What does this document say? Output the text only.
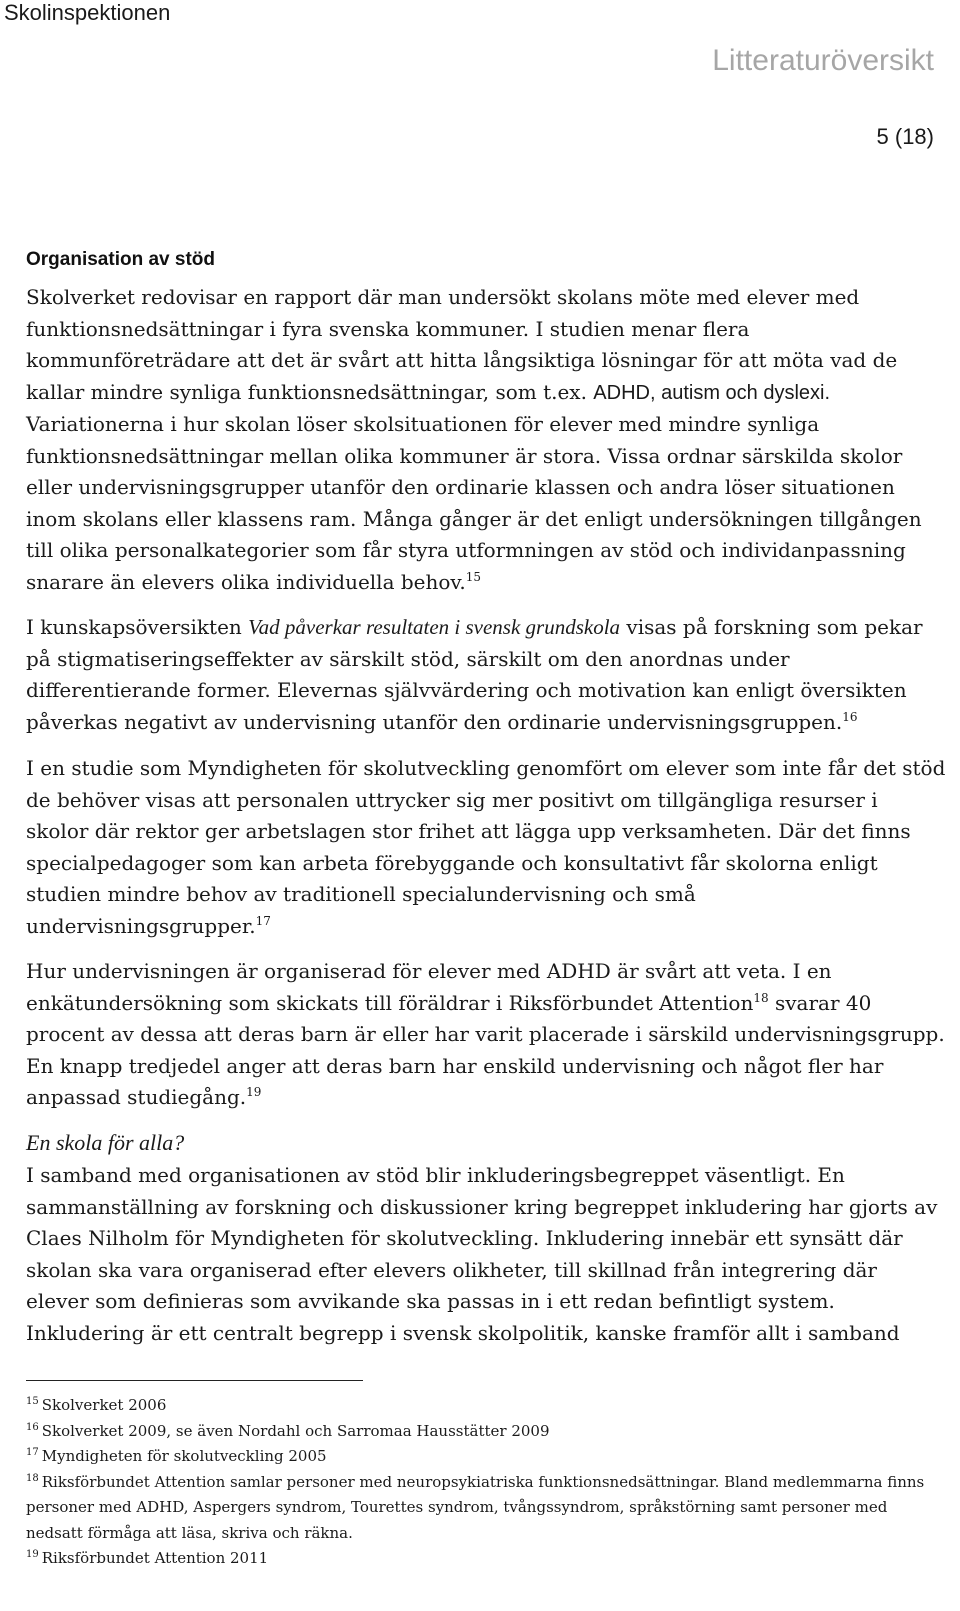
Skolinspektionen
Litteraturöversikt
5 (18)
Organisation av stöd

Skolverket redovisar en rapport där man undersökt skolans möte med elever med funktionsnedsättningar i fyra svenska kommuner. I studien menar flera kommunföreträdare att det är svårt att hitta långsiktiga lösningar för att möta vad de kallar mindre synliga funktionsnedsättningar, som t.ex. ADHD, autism och dyslexi. Variationerna i hur skolan löser skolsituationen för elever med mindre synliga funktionsnedsättningar mellan olika kommuner är stora. Vissa ordnar särskilda skolor eller undervisningsgrupper utanför den ordinarie klassen och andra löser situationen inom skolans eller klassens ram. Många gånger är det enligt undersökningen tillgången till olika personalkategorier som får styra utformningen av stöd och individanpassning snarare än elevers olika individuella behov.$^{15}$

I kunskapsöversikten Vad påverkar resultaten i svensk grundskola visas på forskning som pekar på stigmatiseringseffekter av särskilt stöd, särskilt om den anordnas under differentierande former. Elevernas självvärdering och motivation kan enligt översikten påverkas negativt av undervisning utanför den ordinarie undervisningsgruppen.$^{16}$

I en studie som Myndigheten för skolutveckling genomfört om elever som inte får det stöd de behöver visas att personalen uttrycker sig mer positivt om tillgängliga resurser i skolor där rektor ger arbetslagen stor frihet att lägga upp verksamheten. Där det finns specialpedagoger som kan arbeta förebyggande och konsultativt får skolorna enligt studien mindre behov av traditionell specialundervisning och små undervisningsgrupper.$^{17}$

Hur undervisningen är organiserad för elever med ADHD är svårt att veta. I en enkätundersökning som skickats till föräldrar i Riksförbundet Attention$^{18}$ svarar 40 procent av dessa att deras barn är eller har varit placerade i särskild undervisningsgrupp. En knapp tredjedel anger att deras barn har enskild undervisning och något fler har anpassad studiegång.$^{19}$

En skola för alla?

I samband med organisationen av stöd blir inkluderingsbegreppet väsentligt. En sammanställning av forskning och diskussioner kring begreppet inkludering har gjorts av Claes Nilholm för Myndigheten för skolutveckling. Inkludering innebär ett synsätt där skolan ska vara organiserad efter elevers olikheter, till skillnad från integrering där elever som definieras som avvikande ska passas in i ett redan befintligt system. Inkludering är ett centralt begrepp i svensk skolpolitik, kanske framför allt i samband

$^{15}$ Skolverket 2006

$^{16}$ Skolverket 2009, se även Nordahl och Sarromaa Hausstätter 2009

$^{17}$ Myndigheten för skolutveckling 2005

$^{18}$ Riksförbundet Attention samlar personer med neuropsykiatriska funktionsnedsättningar. Bland medlemmarna finns personer med ADHD, Aspergers syndrom, Tourettes syndrom, tvångssyndrom, språkstörning samt personer med nedsatt förmåga att läsa, skriva och räkna.

$^{19}$ Riksförbundet Attention 2011
